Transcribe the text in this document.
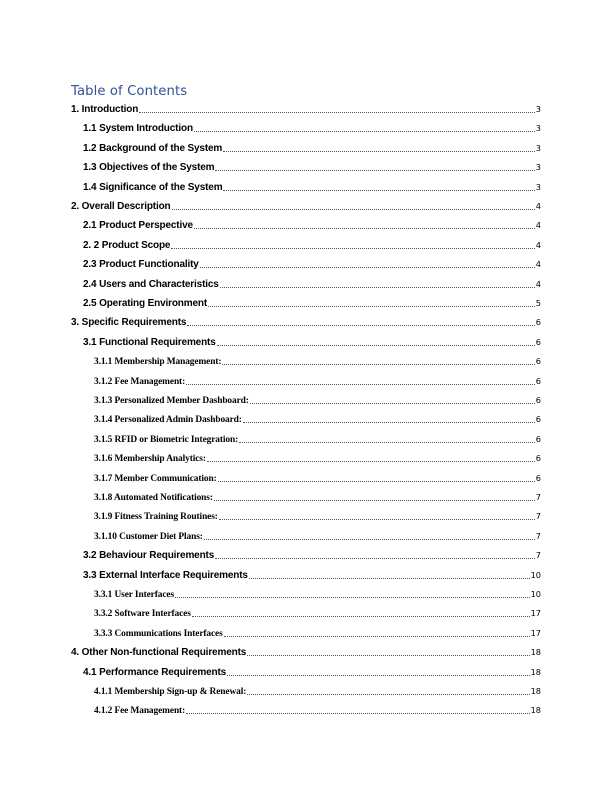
Table of Contents
1. Introduction	3
1.1 System Introduction	3
1.2 Background of the System	3
1.3 Objectives of the System	3
1.4 Significance of the System	3
2. Overall Description	4
2.1 Product Perspective	4
2. 2 Product Scope	4
2.3 Product Functionality	4
2.4 Users and Characteristics	4
2.5 Operating Environment	5
3. Specific Requirements	6
3.1 Functional Requirements	6
3.1.1 Membership Management:	6
3.1.2 Fee Management:	6
3.1.3 Personalized Member Dashboard:	6
3.1.4 Personalized Admin Dashboard:	6
3.1.5 RFID or Biometric Integration:	6
3.1.6 Membership Analytics:	6
3.1.7 Member Communication:	6
3.1.8 Automated Notifications:	7
3.1.9 Fitness Training Routines:	7
3.1.10 Customer Diet Plans:	7
3.2 Behaviour Requirements	7
3.3 External Interface Requirements	10
3.3.1 User Interfaces	10
3.3.2 Software Interfaces	17
3.3.3 Communications Interfaces	17
4. Other Non-functional Requirements	18
4.1 Performance Requirements	18
4.1.1 Membership Sign-up & Renewal:	18
4.1.2 Fee Management:	18
